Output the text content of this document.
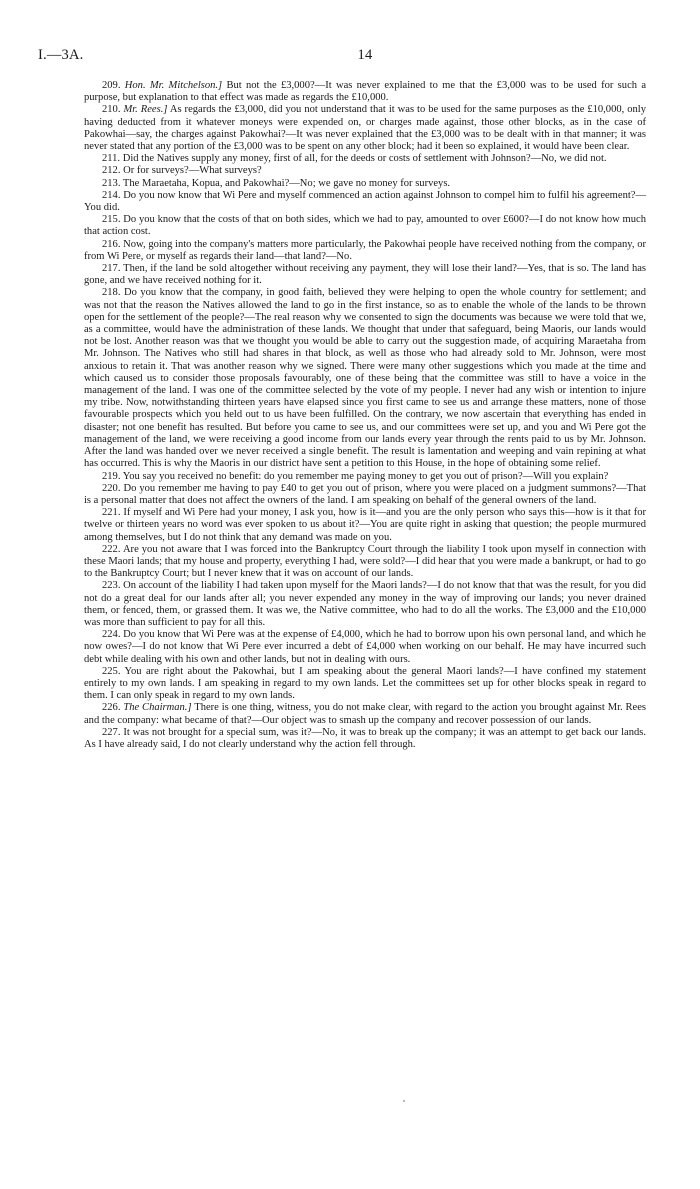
I.—3A.	14

209. Hon. Mr. Mitchelson.] But not the £3,000?—It was never explained to me that the £3,000 was to be used for such a purpose, but explanation to that effect was made as regards the £10,000.

210. Mr. Rees.] As regards the £3,000, did you not understand that it was to be used for the same purposes as the £10,000, only having deducted from it whatever moneys were expended on, or charges made against, those other blocks, as in the case of Pakowhai—say, the charges against Pakowhai?—It was never explained that the £3,000 was to be dealt with in that manner; it was never stated that any portion of the £3,000 was to be spent on any other block; had it been so explained, it would have been clear.

211. Did the Natives supply any money, first of all, for the deeds or costs of settlement with Johnson?—No, we did not.

212. Or for surveys?—What surveys?

213. The Maraetaha, Kopua, and Pakowhai?—No; we gave no money for surveys.

214. Do you now know that Wi Pere and myself commenced an action against Johnson to compel him to fulfil his agreement?—You did.

215. Do you know that the costs of that on both sides, which we had to pay, amounted to over £600?—I do not know how much that action cost.

216. Now, going into the company's matters more particularly, the Pakowhai people have received nothing from the company, or from Wi Pere, or myself as regards their land—that land?—No.

217. Then, if the land be sold altogether without receiving any payment, they will lose their land?—Yes, that is so. The land has gone, and we have received nothing for it.

218. Do you know that the company, in good faith, believed they were helping to open the whole country for settlement; and was not that the reason the Natives allowed the land to go in the first instance, so as to enable the whole of the lands to be thrown open for the settlement of the people?—The real reason why we consented to sign the documents was because we were told that we, as a committee, would have the administration of these lands. We thought that under that safeguard, being Maoris, our lands would not be lost. Another reason was that we thought you would be able to carry out the suggestion made, of acquiring Maraetaha from Mr. Johnson. The Natives who still had shares in that block, as well as those who had already sold to Mr. Johnson, were most anxious to retain it. That was another reason why we signed. There were many other suggestions which you made at the time and which caused us to consider those proposals favourably, one of these being that the committee was still to have a voice in the management of the land. I was one of the committee selected by the vote of my people. I never had any wish or intention to injure my tribe. Now, notwithstanding thirteen years have elapsed since you first came to see us and arrange these matters, none of those favourable prospects which you held out to us have been fulfilled. On the contrary, we now ascertain that everything has ended in disaster; not one benefit has resulted. But before you came to see us, and our committees were set up, and you and Wi Pere got the management of the land, we were receiving a good income from our lands every year through the rents paid to us by Mr. Johnson. After the land was handed over we never received a single benefit. The result is lamentation and weeping and vain repining at what has occurred. This is why the Maoris in our district have sent a petition to this House, in the hope of obtaining some relief.

219. You say you received no benefit: do you remember me paying money to get you out of prison?—Will you explain?

220. Do you remember me having to pay £40 to get you out of prison, where you were placed on a judgment summons?—That is a personal matter that does not affect the owners of the land. I am speaking on behalf of the general owners of the land.

221. If myself and Wi Pere had your money, I ask you, how is it—and you are the only person who says this—how is it that for twelve or thirteen years no word was ever spoken to us about it?—You are quite right in asking that question; the people murmured among themselves, but I do not think that any demand was made on you.

222. Are you not aware that I was forced into the Bankruptcy Court through the liability I took upon myself in connection with these Maori lands; that my house and property, everything I had, were sold?—I did hear that you were made a bankrupt, or had to go to the Bankruptcy Court; but I never knew that it was on account of our lands.

223. On account of the liability I had taken upon myself for the Maori lands?—I do not know that that was the result, for you did not do a great deal for our lands after all; you never expended any money in the way of improving our lands; you never drained them, or fenced, them, or grassed them. It was we, the Native committee, who had to do all the works. The £3,000 and the £10,000 was more than sufficient to pay for all this.

224. Do you know that Wi Pere was at the expense of £4,000, which he had to borrow upon his own personal land, and which he now owes?—I do not know that Wi Pere ever incurred a debt of £4,000 when working on our behalf. He may have incurred such debt while dealing with his own and other lands, but not in dealing with ours.

225. You are right about the Pakowhai, but I am speaking about the general Maori lands?—I have confined my statement entirely to my own lands. I am speaking in regard to my own lands. Let the committees set up for other blocks speak in regard to them. I can only speak in regard to my own lands.

226. The Chairman.] There is one thing, witness, you do not make clear, with regard to the action you brought against Mr. Rees and the company: what became of that?—Our object was to smash up the company and recover possession of our lands.

227. It was not brought for a special sum, was it?—No, it was to break up the company; it was an attempt to get back our lands. As I have already said, I do not clearly understand why the action fell through.
